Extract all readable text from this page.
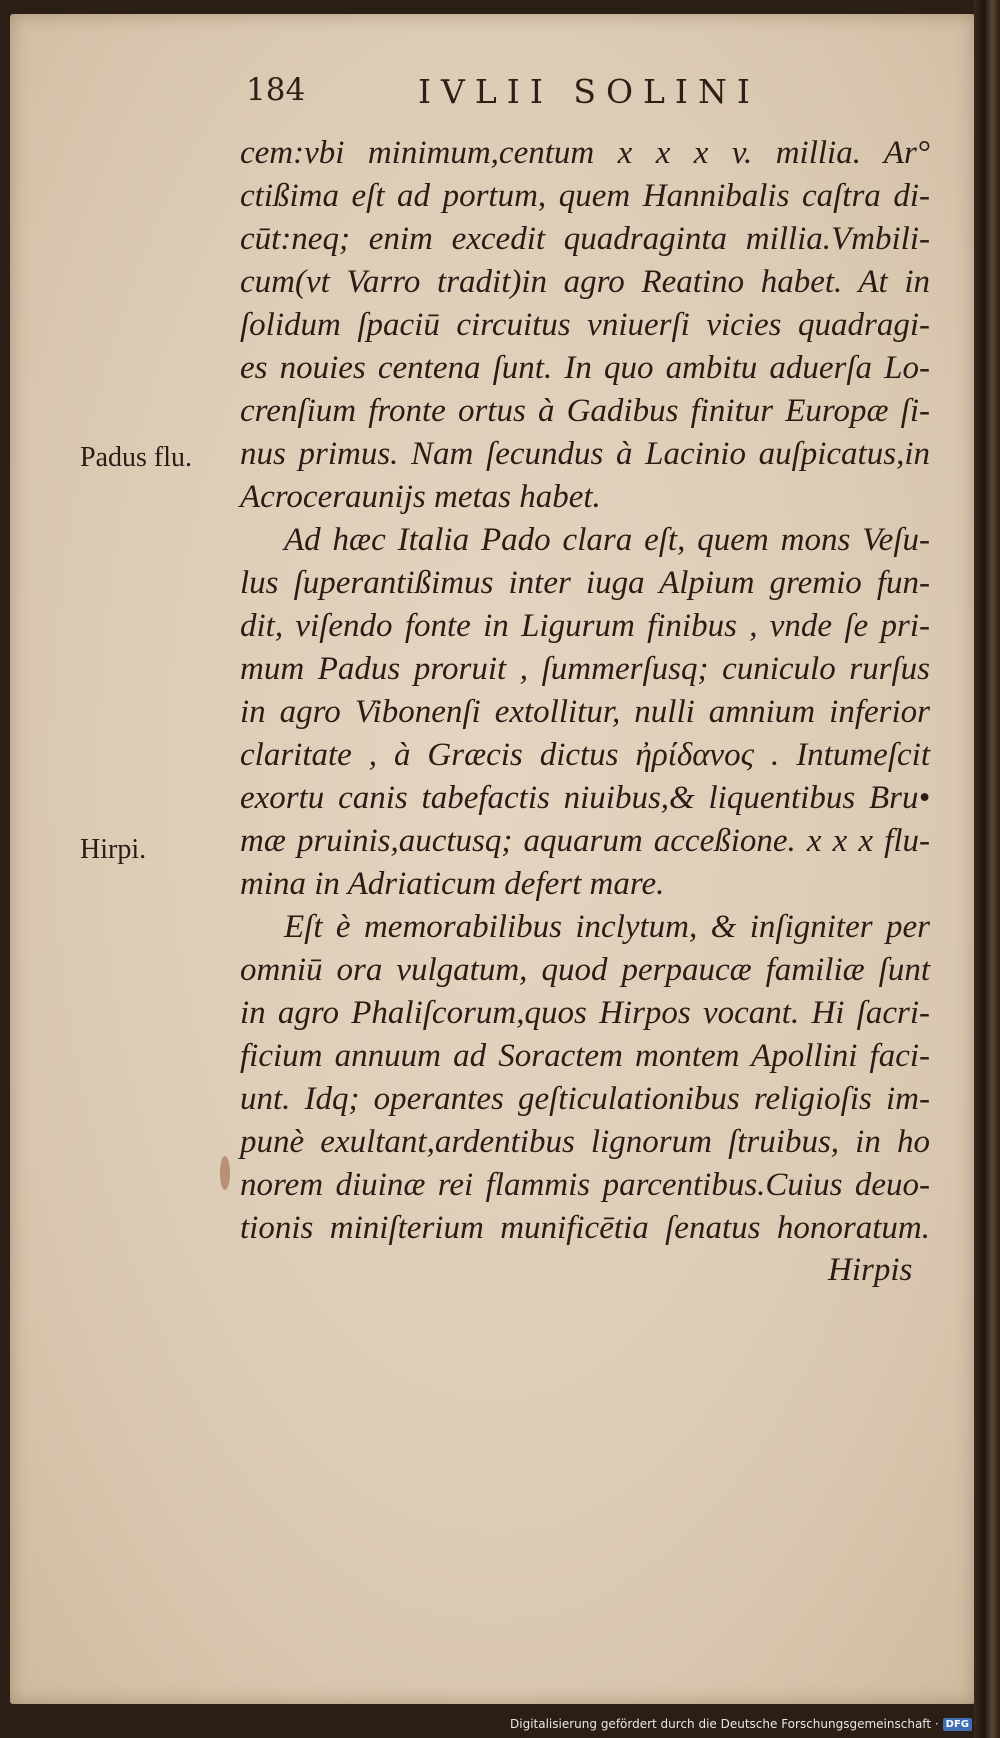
184	IVLII SOLINI
Padus flu.
Hirpi.
cem:vbi minimum,centum x x x v. millia. Ar°
ctißima eſt ad portum, quem Hannibalis caſtra di-
cūt:neq; enim excedit quadraginta millia.Vmbili-
cum(vt Varro tradit)in agro Reatino habet. At in
ſolidum ſpaciū circuitus vniuerſi vicies quadragi-
es nouies centena ſunt. In quo ambitu aduerſa Lo-
crenſium fronte ortus à Gadibus finitur Europæ ſi-
nus primus. Nam ſecundus à Lacinio auſpicatus,in
Acroceraunijs metas habet.
Ad hæc Italia Pado clara eſt, quem mons Veſu-
lus ſuperantißimus inter iuga Alpium gremio fun-
dit, viſendo fonte in Ligurum finibus , vnde ſe pri-
mum Padus proruit , ſummerſusq; cuniculo rurſus
in agro Vibonenſi extollitur, nulli amnium inferior
claritate , à Græcis dictus ἠρίδανος . Intumeſcit
exortu canis tabefactis niuibus,& liquentibus Bru•
mæ pruinis,auctusq; aquarum acceßione. x x x flu-
mina in Adriaticum defert mare.
Eſt è memorabilibus inclytum, & inſigniter per
omniū ora vulgatum, quod perpaucæ familiæ ſunt
in agro Phaliſcorum,quos Hirpos vocant. Hi ſacri-
ficium annuum ad Soractem montem Apollini faci-
unt. Idq; operantes geſticulationibus religioſis im-
punè exultant,ardentibus lignorum ſtruibus, in ho
norem diuinæ rei flammis parcentibus.Cuius deuo-
tionis miniſterium munificētia ſenatus honoratum.
Hirpis
Digitalisierung gefördert durch die Deutsche Forschungsgemeinschaft · DFG
